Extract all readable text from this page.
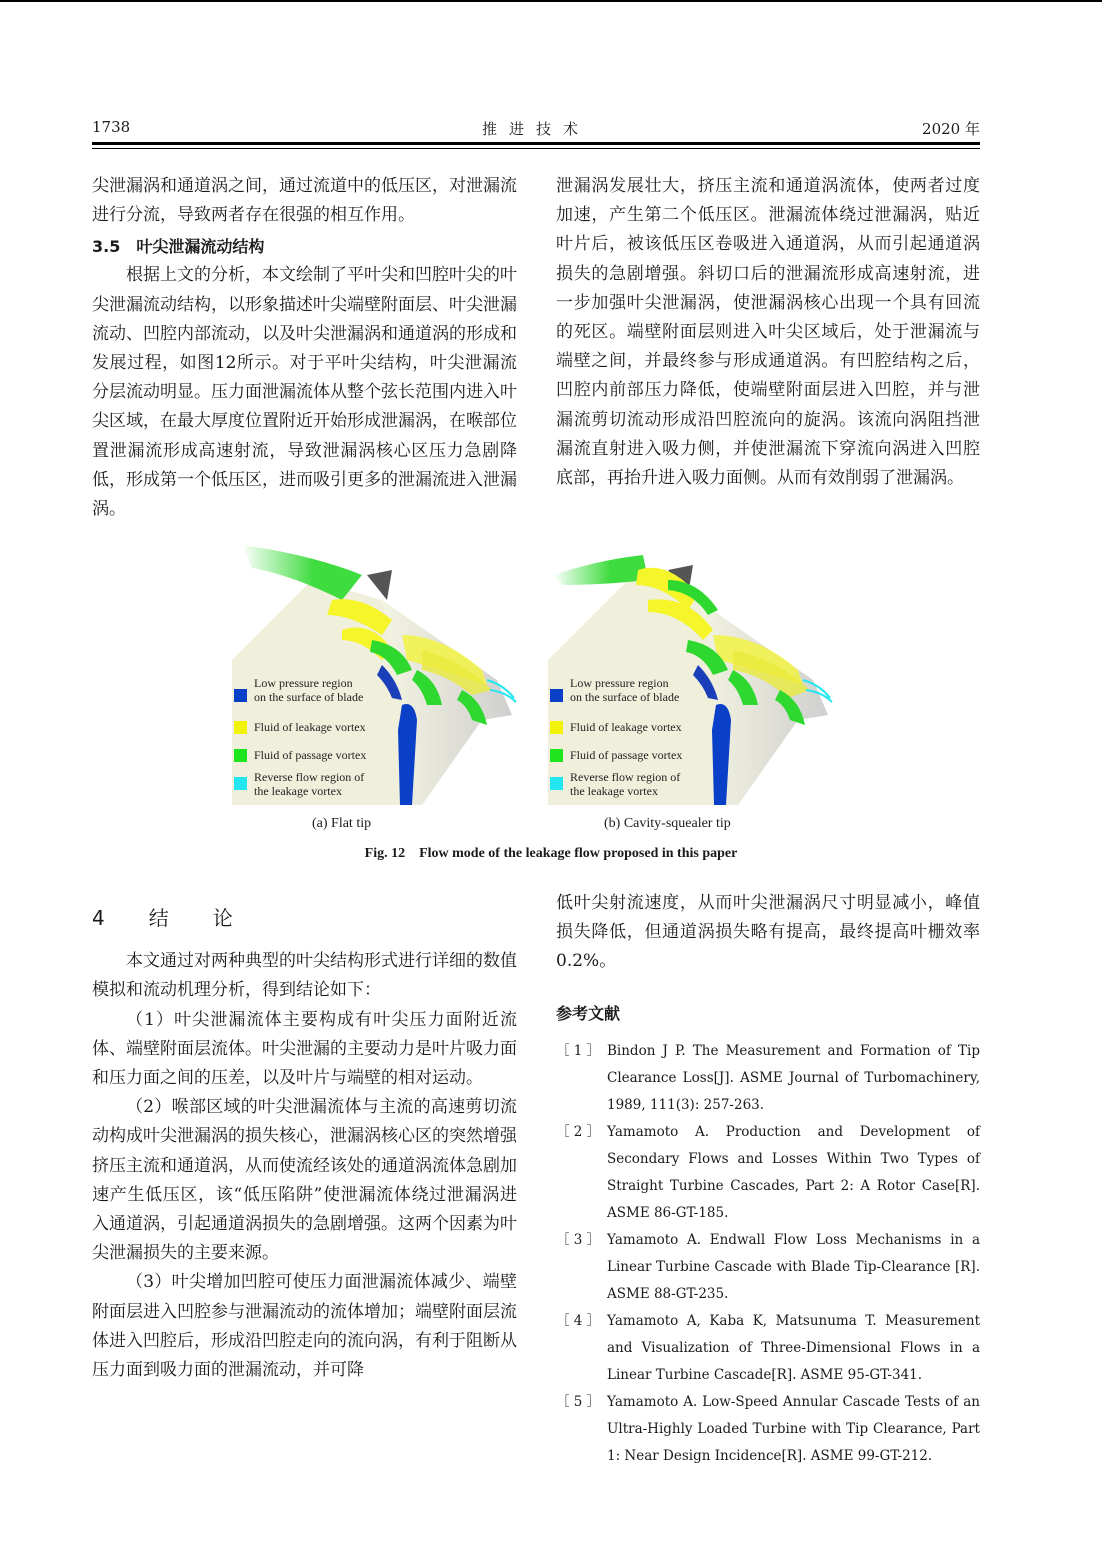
1738	推进技术	2020 年

尖泄漏涡和通道涡之间，通过流道中的低压区，对泄漏流进行分流，导致两者存在很强的相互作用。

3.5　叶尖泄漏流动结构

根据上文的分析，本文绘制了平叶尖和凹腔叶尖的叶尖泄漏流动结构，以形象描述叶尖端壁附面层、叶尖泄漏流动、凹腔内部流动，以及叶尖泄漏涡和通道涡的形成和发展过程，如图12所示。对于平叶尖结构，叶尖泄漏流分层流动明显。压力面泄漏流体从整个弦长范围内进入叶尖区域，在最大厚度位置附近开始形成泄漏涡，在喉部位置泄漏流形成高速射流，导致泄漏涡核心区压力急剧降低，形成第一个低压区，进而吸引更多的泄漏流进入泄漏涡。

泄漏涡发展壮大，挤压主流和通道涡流体，使两者过度加速，产生第二个低压区。泄漏流体绕过泄漏涡，贴近叶片后，被该低压区卷吸进入通道涡，从而引起通道涡损失的急剧增强。斜切口后的泄漏流形成高速射流，进一步加强叶尖泄漏涡，使泄漏涡核心出现一个具有回流的死区。端壁附面层则进入叶尖区域后，处于泄漏流与端壁之间，并最终参与形成通道涡。有凹腔结构之后，凹腔内前部压力降低，使端壁附面层进入凹腔，并与泄漏流剪切流动形成沿凹腔流向的旋涡。该流向涡阻挡泄漏流直射进入吸力侧，并使泄漏流下穿流向涡进入凹腔底部，再抬升进入吸力面侧。从而有效削弱了泄漏涡。

Low pressure region
on the surface of blade
Fluid of leakage vortex
Fluid of passage vortex
Reverse flow region of
the leakage vortex
Low pressure region
on the surface of blade
Fluid of leakage vortex
Fluid of passage vortex
Reverse flow region of
the leakage vortex
(a) Flat tip	(b) Cavity-squealer tip
Fig. 12　Flow mode of the leakage flow proposed in this paper

4　结　论

本文通过对两种典型的叶尖结构形式进行详细的数值模拟和流动机理分析，得到结论如下：

（1）叶尖泄漏流体主要构成有叶尖压力面附近流体、端壁附面层流体。叶尖泄漏的主要动力是叶片吸力面和压力面之间的压差，以及叶片与端壁的相对运动。

（2）喉部区域的叶尖泄漏流体与主流的高速剪切流动构成叶尖泄漏涡的损失核心，泄漏涡核心区的突然增强挤压主流和通道涡，从而使流经该处的通道涡流体急剧加速产生低压区，该“低压陷阱”使泄漏流体绕过泄漏涡进入通道涡，引起通道涡损失的急剧增强。这两个因素为叶尖泄漏损失的主要来源。

（3）叶尖增加凹腔可使压力面泄漏流体减少、端壁附面层进入凹腔参与泄漏流动的流体增加；端壁附面层流体进入凹腔后，形成沿凹腔走向的流向涡，有利于阻断从压力面到吸力面的泄漏流动，并可降

低叶尖射流速度，从而叶尖泄漏涡尺寸明显减小，峰值损失降低，但通道涡损失略有提高，最终提高叶栅效率0.2%。

参考文献

［ 1 ］ Bindon J P. The Measurement and Formation of Tip Clearance Loss[J]. ASME Journal of Turbomachinery, 1989, 111(3): 257-263.
［ 2 ］ Yamamoto A. Production and Development of Secondary Flows and Losses Within Two Types of Straight Turbine Cascades, Part 2: A Rotor Case[R]. ASME 86-GT-185.
［ 3 ］ Yamamoto A. Endwall Flow Loss Mechanisms in a Linear Turbine Cascade with Blade Tip-Clearance [R]. ASME 88-GT-235.
［ 4 ］ Yamamoto A, Kaba K, Matsunuma T. Measurement and Visualization of Three-Dimensional Flows in a Linear Turbine Cascade[R]. ASME 95-GT-341.
［ 5 ］ Yamamoto A. Low-Speed Annular Cascade Tests of an Ultra-Highly Loaded Turbine with Tip Clearance, Part 1: Near Design Incidence[R]. ASME 99-GT-212.
